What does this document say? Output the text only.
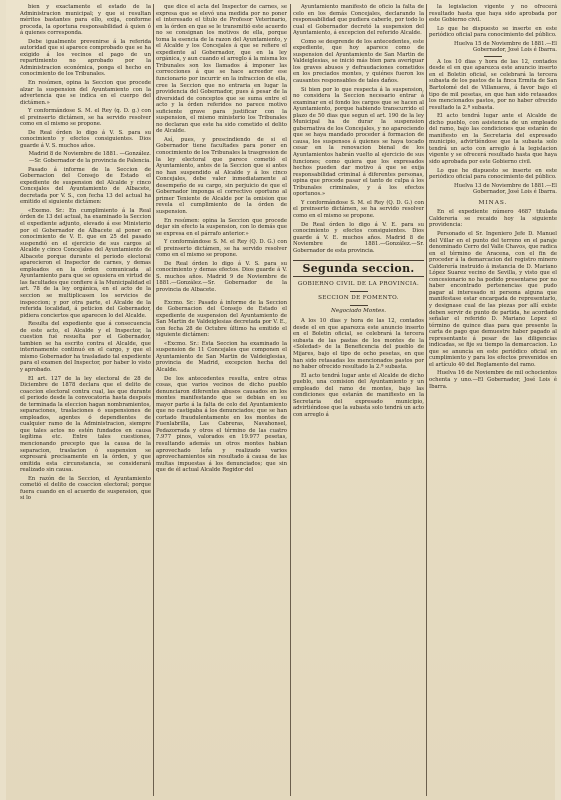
bien y exactamente el estado de la Administracion municipal; y que si resultan méritos bastantes para ello, exija, conforme proceda, la oportuna responsabilidad á quien ó á quienes corresponda.

Debe igualmente prevenirse á la referida autoridad que si aparece comprobado que se ha exigido á los vecinos el pago de un repartimiento no aprobado por la Administracion económica, ponga el hecho en conocimiento de los Tribunales.

En resúmen, opina la Seccion que procede alzar la suspension del Ayuntamiento con la advertencia que se indica en el cuerpo del dictámen.»

Y conformándose S. M. el Rey (q. D. g.) con el preinserto dictámen, se ha servido resolver como en el mismo se propone.

De Real órden lo digo á V. S. para su conocimiento y efectos consiguientes. Dios guarde á V. S. muchos años.

Madrid 8 de Noviembre de 1881. —González.—Sr. Gobernador de la provincia de Palencia.

Pasado á informe de la Seccion de Gobernacion del Consejo de Estado el expediente de suspension del Alcalde y cinco Concejales del Ayuntamiento de Albacete, decretada por V. S., con fecha 13 del actual ha emitido el siguiente dictámen:

«Exemo. Sr.: En cumplimiento á la Real órden de 13 del actual, ha examinado la Seccion el expediente adjunto, elevado á ese Ministerio por el Gobernador de Albacete al poner en conocimiento de V. E. que en 25 del pasado suspendió en el ejercicio de sus cargos al Alcalde y cinco Concejales del Ayuntamiento de Albacete porque durante el periodo electoral aparecieron el Inspector de carnes, y demas empleados en la órden comunicada al Ayuntamiento para que se opusiera en virtud de las facultades que confiere á la Municipalidad el art. 78 de la ley orgánica, en el acto de la seccion se multiplicasen los servicios de inspeccion; y por otra parte, el Alcalde de la referida localidad, á peticion del Gobernador, pidiera conciertos que aparecen lo del Alcalde.

Resulta del expediente que á consecuencia de este acto, el Alcalde y el Inspector, la cuestion fué resuelta por el Gobernador, tambien se ha escrito contra el Alcalde, que interinamente continuó en el cargo, y que el mismo Gobernador ha trasladado tal expediente para el examen del Inspector, por haber lo visto y aprobado.

El art. 127 de la ley electoral de 28 de Diciembre de 1878 declara que el delito de coaccion electoral contra cual, las que durante el periodo desde la convocatoria hasta después de terminada la eleccion hagan nombramientos, separaciones, traslaciones ó suspensiones de empleados, agentes ó dependientes de cualquier ramo de la Administracion, siempre que tales actos no estén fundados en causa legítima etc. Entre tales cuestiones, mencionando precepto que la causa de la separacion, traslacion ó suspension se expresará precisamente en la órden, y que omitida esta circunstancia, se considerará realizado sin causa.

En razón de la Seccion, el Ayuntamiento cometió el delito de coaccion electoral; porque fuera cuando en el acuerdo de suspension, que si lo

que dice el acta del Inspector de carnes, se expresa que se elevó una medida por no poner el interesado el título de Profesor Veterinario, en la órden en que se le transmitió este acuerdo no se consignan los motivos de ella, porque toma la esencia de la razon del Ayuntamiento, y el Alcalde y los Concejales á que se refiere el expediente al Gobernador, que en la ley orgánica, y aun cuando el arreglo á la misma los Tribunales son los llamados á imponer las correcciones á que se hace acreedor ese funcionario por incurrir en la infraccion de ella, cree la Seccion que no entraria en lugar la providencia del Gobernador, pues á pesar de la diversidad de conceptos que se suma entre el acto y la órden referidos no parece motivo suficiente grave para justificar con la suspension, el mismo ministerio los Tribunales no declaran que este ha sido cometido el delito de Alcalde.

Así, pues, y prescindiendo de si el Gobernador tiene facultades para poner en conocimiento de los Tribunales la trasgresion de la ley electoral que parece cometió el Ayuntamiento, antes de la Seccion que si antes no han suspendido al Alcalde y á los cinco Concejales, debe valer inmediatamente al desempeño de su cargo, sin perjuicio de que el Gobernador imponga el correctivo oportuno al primer Teniente de Alcalde por la omision que revela el cumplimiento de la órden de suspension.

En resúmen: opina la Seccion que procede dejar sin efecto la suspension, con lo demás que se expresa en el párrafo anterior.»

Y conformándose S. M. el Rey (Q. D. G.) con el preinserto dictámen, se ha servido resolver como en el mismo se propone.

De Real órden lo digo á V. S. para su conocimiento y demas efectos. Dios guarde á V. S. muchos años. Madrid 9 de Noviembre de 1881.—González.—Sr. Gobernador de la provincia de Albacete.

Excmo. Sr.: Pasado á informe de la Seccion de Gobernacion del Consejo de Estado el expediente de suspension del Ayuntamiento de San Martin de Valdeiglesias decretada por V. E., con fecha 28 de Octubre último ha emitido el siguiente dictámen:

«Excmo. Sr.: Esta Seccion ha examinado la suspension de 11 Concejales que componen el Ayuntamiento de San Martin de Valdeiglesias, provincia de Madrid, excepcion hecha del Alcalde.

De los antecedentes resulta, entre otras cosas, que varios vecinos de dicho pueblo denunciaron diferentes abusos causados en los montes manifestando que se debian en su mayor parte á la falta de celo del Ayuntamiento que no castigaba á los denunciados; que se han cortado fraudulentamente en los montes de Fuenlabrilla, Las Cabreras, Navahonsel, Pedazorrada y otros el término de las cuatro 7.977 pinos, valorados en 19.977 pesetas, resultando además un otros montes habian aprovechado leña y realizado varios aprovechamientos sin resultado á causa de las multas impuestas á los denunciados; que sin que de él actual Alcalde Regidor del

Ayuntamiento manifestó de oficio la falta de celo en los demás Concejales, declarando la responsabilidad que pudiera caberle, por todo lo cual el Gobernador decretó la suspension del Ayuntamiento, á excepcion del referido Alcalde.

Como se desprende de los antecedentes, este expediente, que hoy aparece como de suspension del Ayuntamiento de San Martin de Valdeiglesias, se inició más bien para averiguar los graves abusos y defraudaciones cometidos en los preciados montes, y quiénes fueron los causantes responsables de tales daños.

Si bien por lo que respecta á la suspension, no considera la Seccion necesario entrar á examinar en el fondo los cargos que se hacen al Ayuntamiento, porque habiendo transcurrido el plazo de 50 dias que segun el art. 190 de la ley Municipal ha de durar la suspension gubernativa de los Concejales, y no apareciendo que se haya mandado proceder á formacion de causa, los suspensos á quienes se haya tocado cesar en la renovacion bienal de los Ayuntamientos habrán vuelto al ejercicio de sus funciones; como quiera que los expresados hechos pueden dar motivo á que se exija responsabilidad criminal á diferentes personas, opina que procede pasar el tanto de culpa á los Tribunales criminales, y á los efectos oportunos.»

Y conformándose S. M. el Rey (Q. D. G.) con el preinserto dictámen, se ha servido resolver como en el mismo se propone.

De Real órden lo digo á V. E. para su conocimiento y efectos consiguientes. Dios guarde á V. E. muchos años. Madrid 8 de Noviembre de 1881.—González.—Sr. Gobernador de esta provincia.

Segunda seccion.
GOBIERNO CIVIL DE LA PROVINCIA.
SECCION DE FOMENTO.
Negociado Montes.

A los 10 dias y hora de las 12, contados desde el en que aparezca este anuncio inserto en el Boletin oficial, se celebrará la tercera subasta de las pastas de los montes de la «Soledad» de la Beneficencia del pueblo de Mijares, bajo el tipo de ocho pesetas, en que han sido retasadas los mencionados pastos por no haber ofrecido resultado la 2.ª subasta.

El acto tendrá lugar ante el Alcalde de dicho pueblo, una comision del Ayuntamiento y un empleado del ramo de montes, bajo las condiciones que estarán de manifiesto en la Secretaria del expresado municipio, advirtiéndose que la subasta solo tendrá un acto con arreglo á

la legislacion vigente y no ofrecerá resultado hasta que haya sido aprobada por este Gobierno civil.

Lo que he dispuesto se inserte en este periódico oficial para conocimiento del público.

Huelva 15 de Noviembre de 1881.—El Gobernador, José Lois é Ibarra.

A los 10 dias y hora de las 12, contados desde el en que aparezca este anuncio inserto en el Boletin oficial, se celebrará la tercera subasta de los pastos de la finca Ermita de San Bartolomé del de Villanueva, á favor bajo el tipo de mil pesetas, en que han sido retasados los mencionados pastos, por no haber ofrecido resultado la 2.ª subasta.

El acto tendrá lugar ante el Alcalde de dicho pueblo, con asistencia de un empleado del ramo, bajo las condiciones que estarán de manifiesto en la Secretaria del expresado municipio, advirtiéndose que la subasta solo tendrá un acto con arreglo á la legislacion vigente y se ofrecerá resultado hasta que haya sido aprobada por este Gobierno civil.

Lo que he dispuesto se inserte en este periódico oficial para conocimiento del público.

Huelva 13 de Noviembre de 1881.—El Gobernador, José Lois é Ibarra.

MINAS.

En el expediente número 4687 titulada Caldereria se recaido hoy la siguiente providencia:

Personado el Sr. Ingeniero Jefe D. Manuel del Villar en el punto del terreno en el paraje denominado Cerro del Valle Chavos, que radica en el término de Aracena, con el fin de proceder á la demarcacion del registro minero Calderería instruido á instancia de D. Mariano López Suarez vecino de Sevilla, y visto que el concesionario no ha podido presentarse por no haber encontrado pertenencias que pudo pagar al interesado ni persona alguna que manifestase estar encargada de representarlo, y designase cual de las piezas por allí existe deben servir de punto de partida, he acordado señalar el referido D. Mariano Lopez el término de quince dias para que presente la carta de pago que demuestre haber pagado al representante á pesar de las diligencias indicadas, se fije su tiempo la demarcacion. Lo que se anuncia en este periódico oficial en cumplimiento y para los efectos prevenidos en el artículo 40 del Reglamento del ramo.

Huelva 16 de Noviembre de mil ochocientos ochenta y uno.—El Gobernador, José Lois é Ibarra.
